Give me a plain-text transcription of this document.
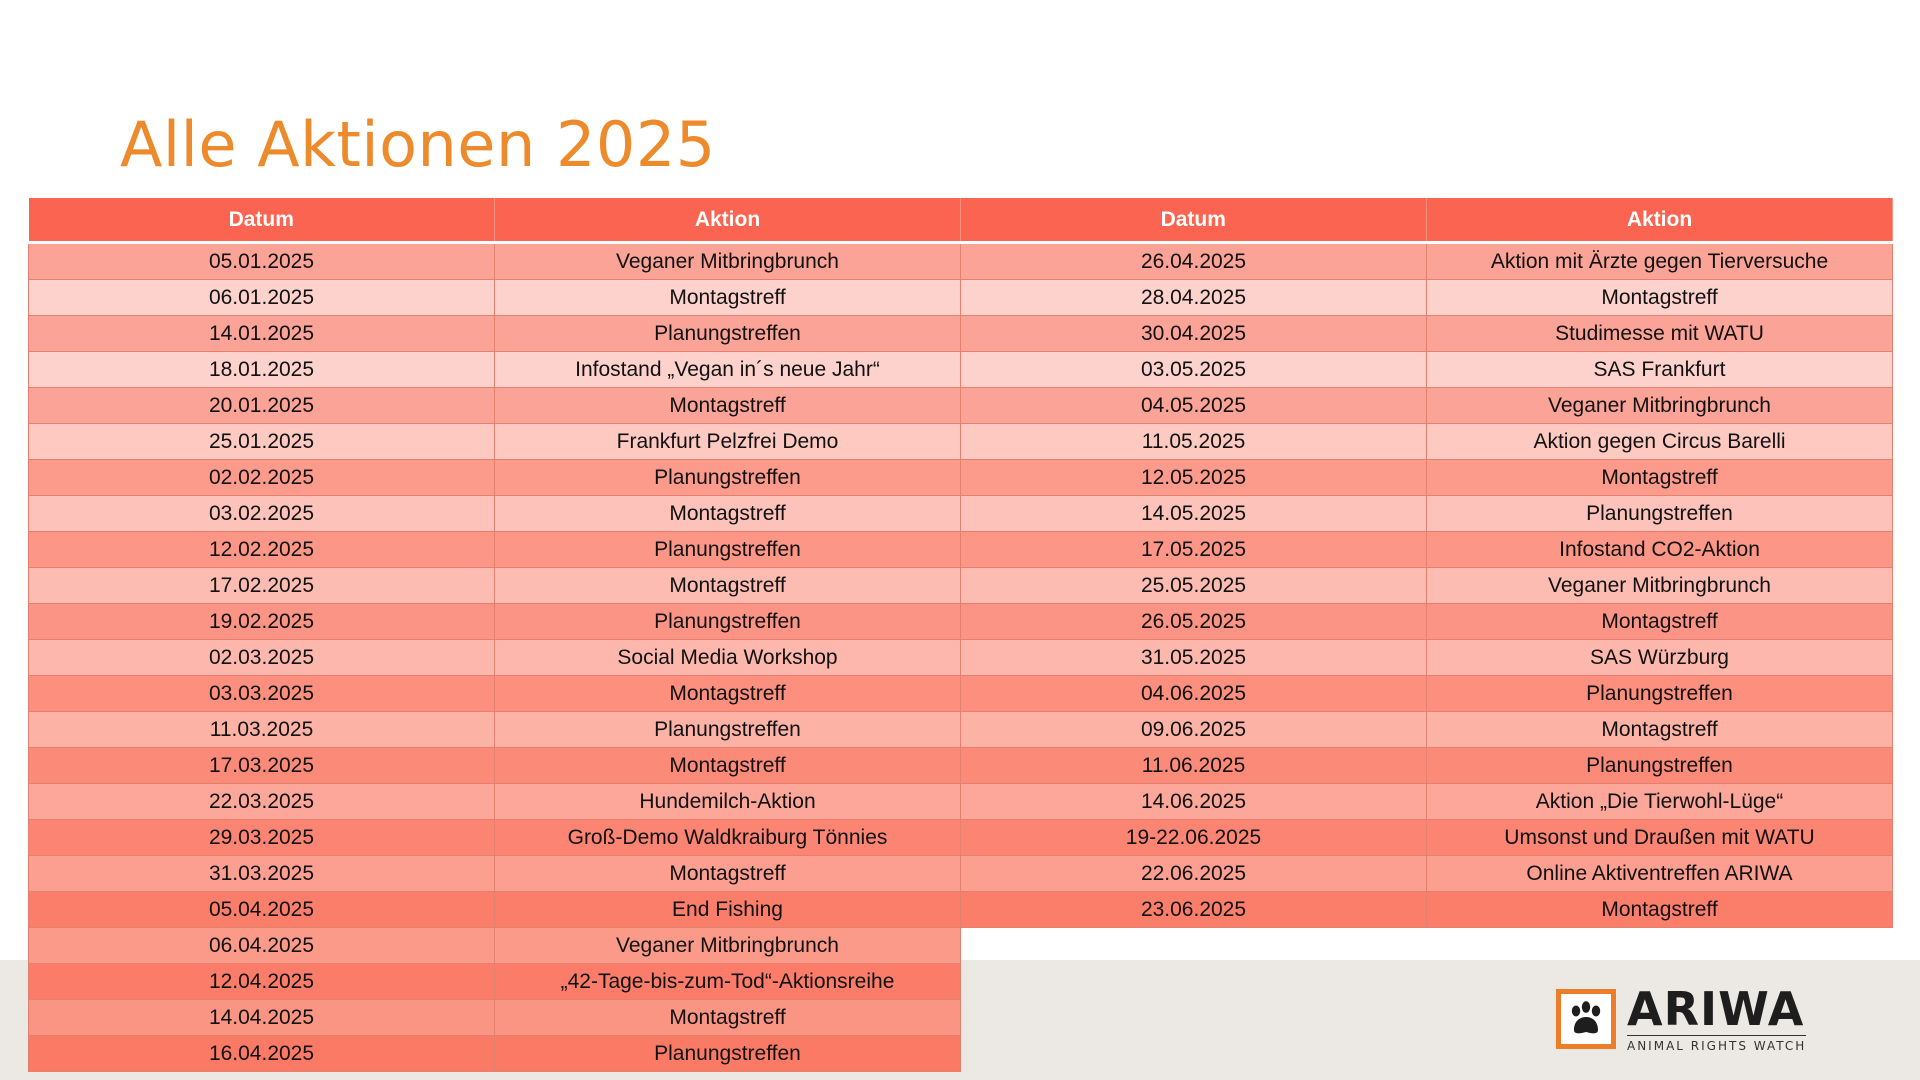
Alle Aktionen 2025
Datum	Aktion
05.01.2025	Veganer Mitbringbrunch
06.01.2025	Montagstreff
14.01.2025	Planungstreffen
18.01.2025	Infostand „Vegan in´s neue Jahr“
20.01.2025	Montagstreff
25.01.2025	Frankfurt Pelzfrei Demo
02.02.2025	Planungstreffen
03.02.2025	Montagstreff
12.02.2025	Planungstreffen
17.02.2025	Montagstreff
19.02.2025	Planungstreffen
02.03.2025	Social Media Workshop
03.03.2025	Montagstreff
11.03.2025	Planungstreffen
17.03.2025	Montagstreff
22.03.2025	Hundemilch-Aktion
29.03.2025	Groß-Demo Waldkraiburg Tönnies
31.03.2025	Montagstreff
05.04.2025	End Fishing
06.04.2025	Veganer Mitbringbrunch
12.04.2025	„42-Tage-bis-zum-Tod“-Aktionsreihe
14.04.2025	Montagstreff
16.04.2025	Planungstreffen
Datum	Aktion
26.04.2025	Aktion mit Ärzte gegen Tierversuche
28.04.2025	Montagstreff
30.04.2025	Studimesse mit WATU
03.05.2025	SAS Frankfurt
04.05.2025	Veganer Mitbringbrunch
11.05.2025	Aktion gegen Circus Barelli
12.05.2025	Montagstreff
14.05.2025	Planungstreffen
17.05.2025	Infostand CO2-Aktion
25.05.2025	Veganer Mitbringbrunch
26.05.2025	Montagstreff
31.05.2025	SAS Würzburg
04.06.2025	Planungstreffen
09.06.2025	Montagstreff
11.06.2025	Planungstreffen
14.06.2025	Aktion „Die Tierwohl-Lüge“
19-22.06.2025	Umsonst und Draußen mit WATU
22.06.2025	Online Aktiventreffen ARIWA
23.06.2025	Montagstreff
ARIWA
ANIMAL RIGHTS WATCH
